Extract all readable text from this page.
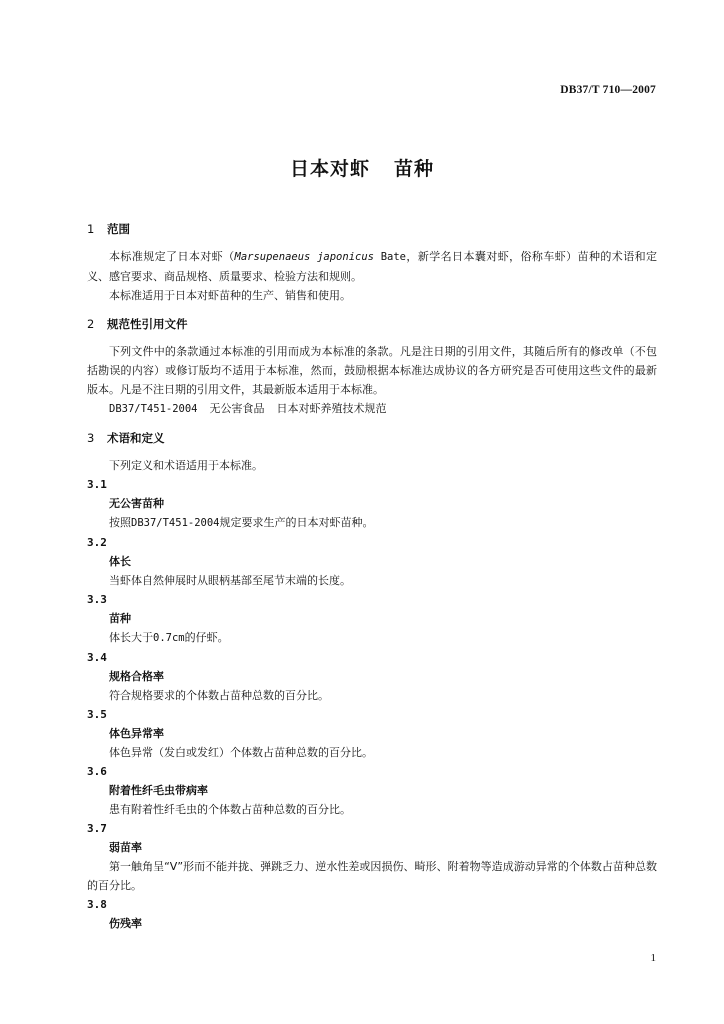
DB37/T 710—2007
日本对虾 苗种
1 范围
本标准规定了日本对虾（Marsupenaeus japonicus Bate，新学名日本囊对虾，俗称车虾）苗种的术语和定义、感官要求、商品规格、质量要求、检验方法和规则。
本标准适用于日本对虾苗种的生产、销售和使用。
2 规范性引用文件
下列文件中的条款通过本标准的引用而成为本标准的条款。凡是注日期的引用文件，其随后所有的修改单（不包括勘误的内容）或修订版均不适用于本标准，然而，鼓励根据本标准达成协议的各方研究是否可使用这些文件的最新版本。凡是不注日期的引用文件，其最新版本适用于本标准。
DB37/T451-2004 无公害食品 日本对虾养殖技术规范
3 术语和定义
下列定义和术语适用于本标准。
3.1
无公害苗种
按照DB37/T451-2004规定要求生产的日本对虾苗种。
3.2
体长
当虾体自然伸展时从眼柄基部至尾节末端的长度。
3.3
苗种
体长大于0.7cm的仔虾。
3.4
规格合格率
符合规格要求的个体数占苗种总数的百分比。
3.5
体色异常率
体色异常（发白或发红）个体数占苗种总数的百分比。
3.6
附着性纤毛虫带病率
患有附着性纤毛虫的个体数占苗种总数的百分比。
3.7
弱苗率
第一触角呈“V”形而不能并拢、弹跳乏力、逆水性差或因损伤、畸形、附着物等造成游动异常的个体数占苗种总数的百分比。
3.8
伤残率
1
